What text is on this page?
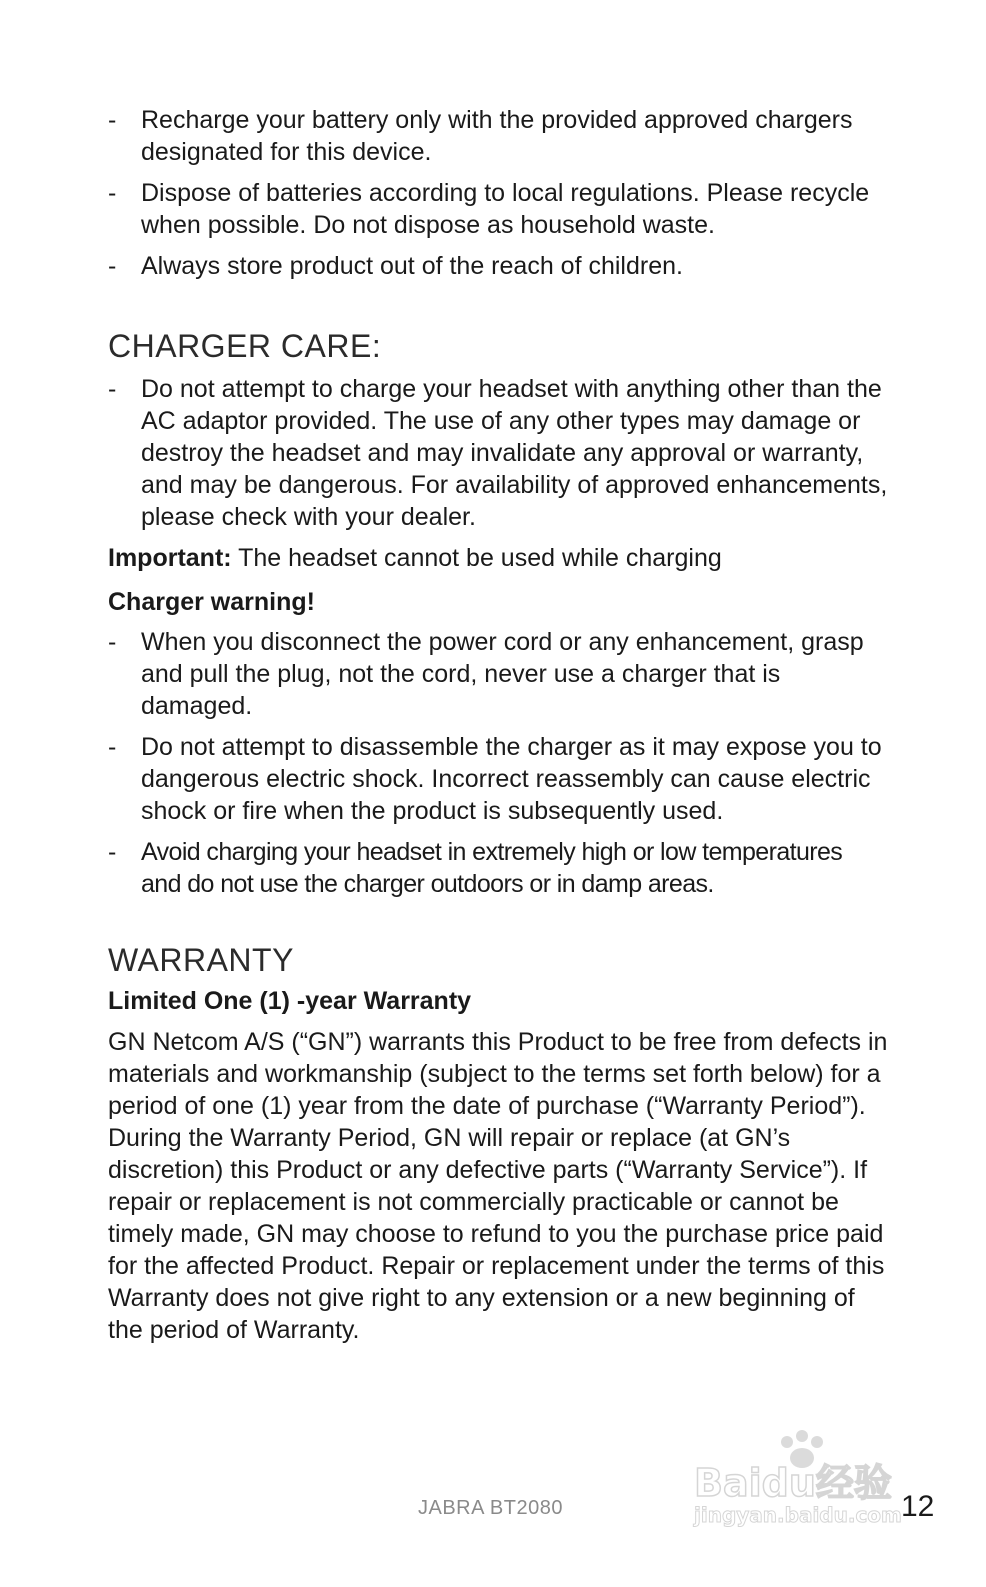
- Recharge your battery only with the provided approved chargers designated for this device.
- Dispose of batteries according to local regulations. Please recycle when possible. Do not dispose as household waste.
- Always store product out of the reach of children.
CHARGER CARE:
- Do not attempt to charge your headset with anything other than the AC adaptor provided. The use of any other types may damage or destroy the headset and may invalidate any approval or warranty, and may be dangerous. For availability of approved enhancements, please check with your dealer.

Important: The headset cannot be used while charging

Charger warning!

- When you disconnect the power cord or any enhancement, grasp and pull the plug, not the cord, never use a charger that is damaged.
- Do not attempt to disassemble the charger as it may expose you to dangerous electric shock. Incorrect reassembly can cause electric shock or fire when the product is subsequently used.
- Avoid charging your headset in extremely high or low temperatures and do not use the charger outdoors or in damp areas.
WARRANTY

Limited One (1) -year Warranty

GN Netcom A/S (“GN”) warrants this Product to be free from defects in materials and workmanship (subject to the terms set forth below) for a period of one (1) year from the date of purchase (“Warranty Period”). During the Warranty Period, GN will repair or replace (at GN’s discretion) this Product or any defective parts (“Warranty Service”). If repair or replacement is not commercially practicable or cannot be timely made, GN may choose to refund to you the purchase price paid for the affected Product. Repair or replacement under the terms of this Warranty does not give right to any extension or a new beginning of the period of Warranty.

JABRA BT2080	12
Baidu经验
jingyan.baidu.com
